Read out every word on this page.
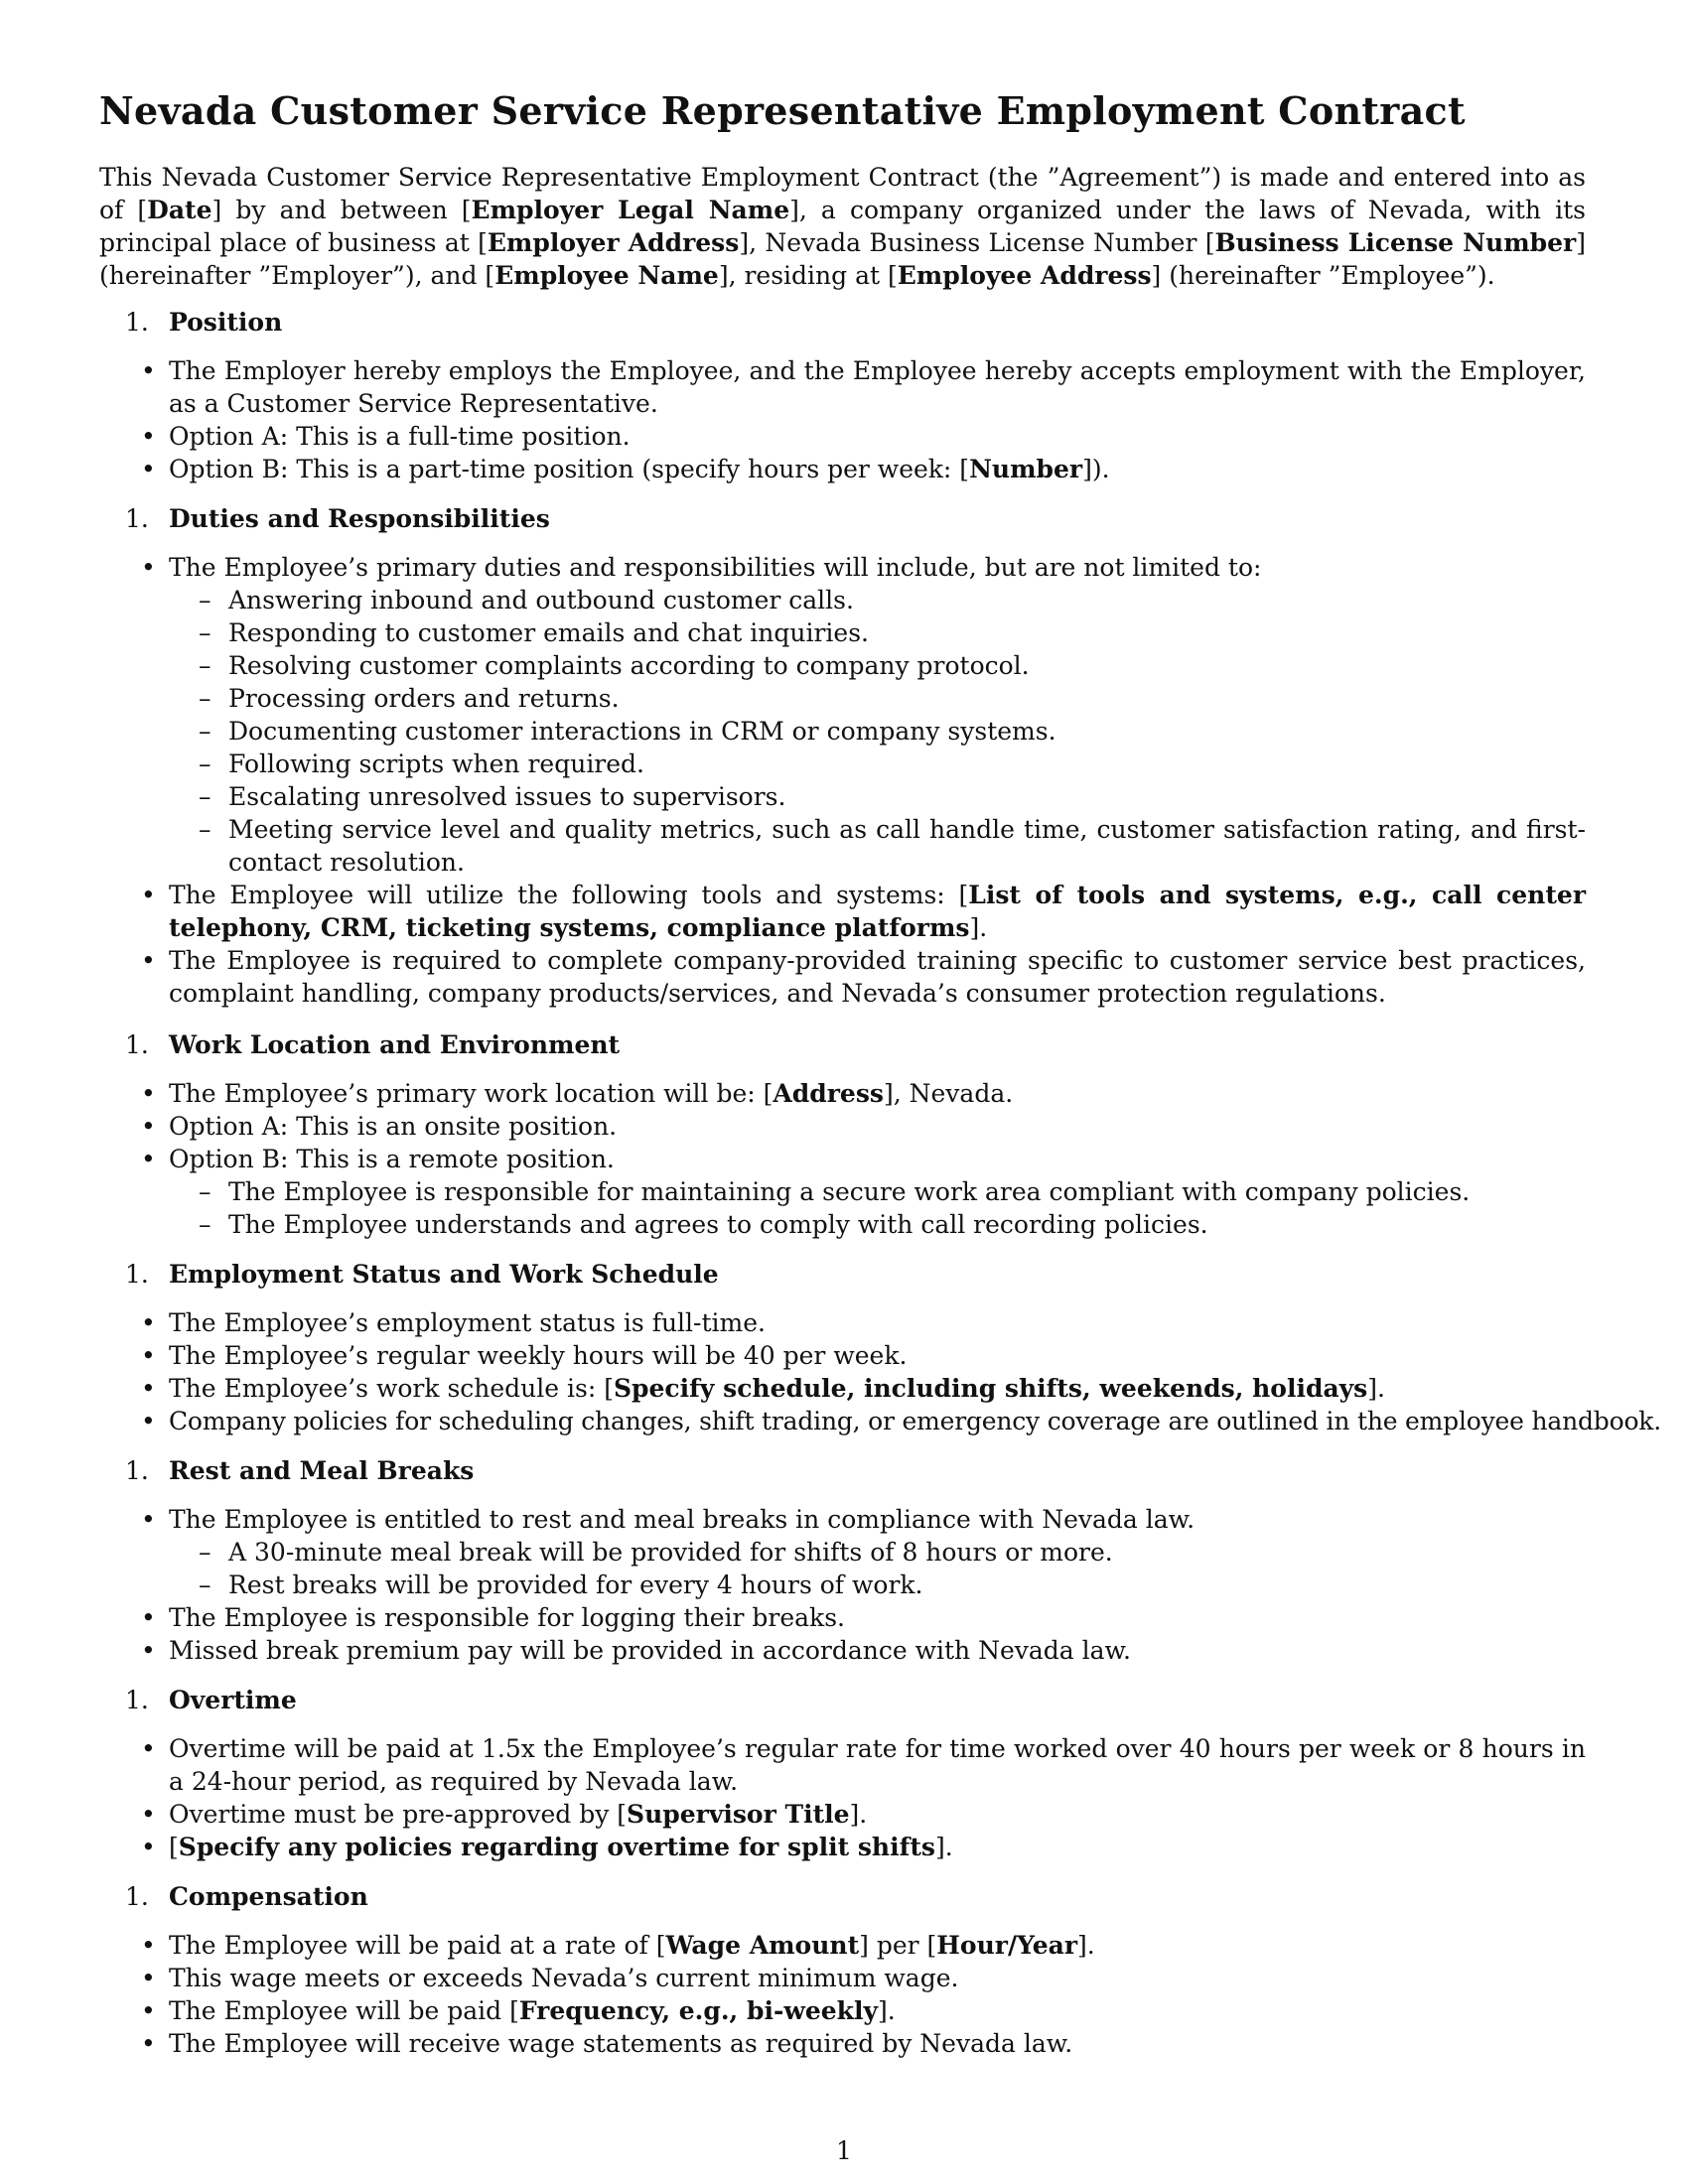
Nevada Customer Service Representative Employment Contract

This Nevada Customer Service Representative Employment Contract (the ”Agreement”) is made and entered into as of [Date] by and between [Employer Legal Name], a company organized under the laws of Nevada, with its principal place of business at [Employer Address], Nevada Business License Number [Business License Number] (hereinafter ”Employer”), and [Employee Name], residing at [Employee Address] (hereinafter ”Employee”).

1. Position
• The Employer hereby employs the Employee, and the Employee hereby accepts employment with the Employer, as a Customer Service Representative.
• Option A: This is a full-time position.
• Option B: This is a part-time position (specify hours per week: [Number]).
1. Duties and Responsibilities
• The Employee’s primary duties and responsibilities will include, but are not limited to:
– Answering inbound and outbound customer calls.
– Responding to customer emails and chat inquiries.
– Resolving customer complaints according to company protocol.
– Processing orders and returns.
– Documenting customer interactions in CRM or company systems.
– Following scripts when required.
– Escalating unresolved issues to supervisors.
– Meeting service level and quality metrics, such as call handle time, customer satisfaction rating, and first-contact resolution.
• The Employee will utilize the following tools and systems: [List of tools and systems, e.g., call center telephony, CRM, ticketing systems, compliance platforms].
• The Employee is required to complete company-provided training specific to customer service best practices, complaint handling, company products/services, and Nevada’s consumer protection regulations.
1. Work Location and Environment
• The Employee’s primary work location will be: [Address], Nevada.
• Option A: This is an onsite position.
• Option B: This is a remote position.
– The Employee is responsible for maintaining a secure work area compliant with company policies.
– The Employee understands and agrees to comply with call recording policies.
1. Employment Status and Work Schedule
• The Employee’s employment status is full-time.
• The Employee’s regular weekly hours will be 40 per week.
• The Employee’s work schedule is: [Specify schedule, including shifts, weekends, holidays].
• Company policies for scheduling changes, shift trading, or emergency coverage are outlined in the employee handbook.
1. Rest and Meal Breaks
• The Employee is entitled to rest and meal breaks in compliance with Nevada law.
– A 30-minute meal break will be provided for shifts of 8 hours or more.
– Rest breaks will be provided for every 4 hours of work.
• The Employee is responsible for logging their breaks.
• Missed break premium pay will be provided in accordance with Nevada law.
1. Overtime
• Overtime will be paid at 1.5x the Employee’s regular rate for time worked over 40 hours per week or 8 hours in a 24-hour period, as required by Nevada law.
• Overtime must be pre-approved by [Supervisor Title].
• [Specify any policies regarding overtime for split shifts].
1. Compensation
• The Employee will be paid at a rate of [Wage Amount] per [Hour/Year].
• This wage meets or exceeds Nevada’s current minimum wage.
• The Employee will be paid [Frequency, e.g., bi-weekly].
• The Employee will receive wage statements as required by Nevada law.
1
